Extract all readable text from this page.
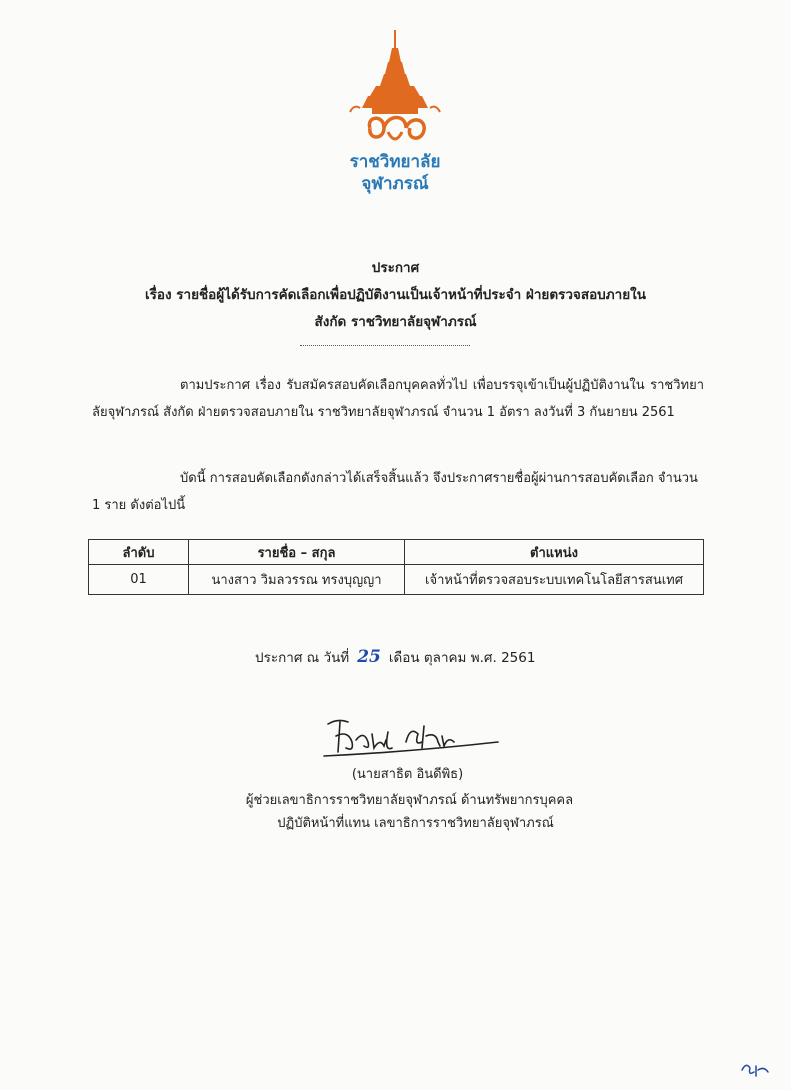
ราชวิทยาลัย
จุฬาภรณ์
ประกาศ
เรื่อง รายชื่อผู้ได้รับการคัดเลือกเพื่อปฏิบัติงานเป็นเจ้าหน้าที่ประจำ ฝ่ายตรวจสอบภายใน
สังกัด ราชวิทยาลัยจุฬาภรณ์
ตามประกาศ เรื่อง รับสมัครสอบคัดเลือกบุคคลทั่วไป เพื่อบรรจุเข้าเป็นผู้ปฏิบัติงานใน ราชวิทยาลัยจุฬาภรณ์ สังกัด ฝ่ายตรวจสอบภายใน ราชวิทยาลัยจุฬาภรณ์ จำนวน 1 อัตรา ลงวันที่ 3 กันยายน 2561
บัดนี้ การสอบคัดเลือกดังกล่าวได้เสร็จสิ้นแล้ว จึงประกาศรายชื่อผู้ผ่านการสอบคัดเลือก จำนวน 1 ราย ดังต่อไปนี้
ลำดับ	รายชื่อ – สกุล	ตำแหน่ง
01	นางสาว วิมลวรรณ ทรงบุญญา	เจ้าหน้าที่ตรวจสอบระบบเทคโนโลยีสารสนเทศ
ประกาศ ณ วันที่ 25 เดือน ตุลาคม พ.ศ. 2561
(นายสาธิต อินดีพิธ)
ผู้ช่วยเลขาธิการราชวิทยาลัยจุฬาภรณ์ ด้านทรัพยากรบุคคล
ปฏิบัติหน้าที่แทน เลขาธิการราชวิทยาลัยจุฬาภรณ์
